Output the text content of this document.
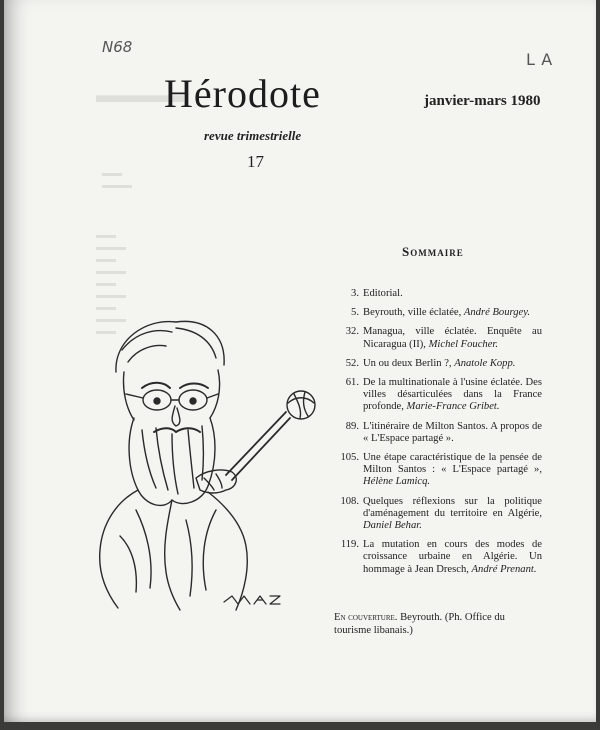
▬▬▬▬
▬▬
▬▬▬
▬▬
▬▬▬
▬▬
▬▬▬
▬▬
▬▬▬
▬▬
▬▬▬
▬▬
N68
LA
Hérodote
revue trimestrielle
17
janvier-mars 1980
Sommaire
3. Editorial.
5. Beyrouth, ville éclatée, André Bourgey.
32. Managua, ville éclatée. Enquête au Nicaragua (II), Michel Foucher.
52. Un ou deux Berlin ?, Anatole Kopp.
61. De la multinationale à l'usine éclatée. Des villes désarticulées dans la France profonde, Marie-France Gribet.
89. L'itinéraire de Milton Santos. A propos de « L'Espace partagé ».
105. Une étape caractéristique de la pensée de Milton Santos : « L'Espace partagé », Hélène Lamicq.
108. Quelques réflexions sur la politique d'aménagement du territoire en Algérie, Daniel Behar.
119. La mutation en cours des modes de croissance urbaine en Algérie. Un hommage à Jean Dresch, André Prenant.
En couverture. Beyrouth. (Ph. Office du tourisme libanais.)
